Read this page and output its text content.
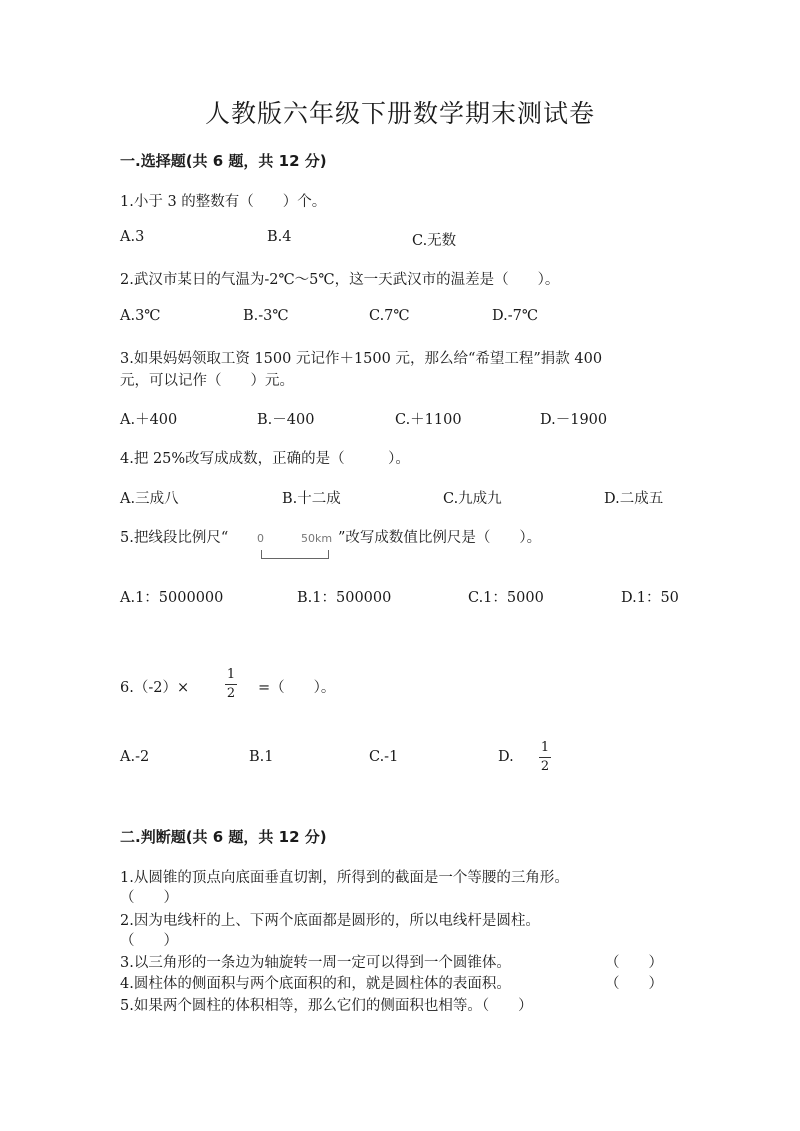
人教版六年级下册数学期末测试卷
一.选择题(共 6 题，共 12 分)
1.小于 3 的整数有（　　）个。
A.3	B.4	C.无数
2.武汉市某日的气温为-2℃～5℃，这一天武汉市的温差是（　　）。
A.3℃	B.-3℃	C.7℃	D.-7℃
3.如果妈妈领取工资 1500 元记作＋1500 元，那么给“希望工程”捐款 400
元，可以记作（　　）元。
A.＋400	B.－400	C.＋1100	D.－1900
4.把 25%改写成成数，正确的是（　　　）。
A.三成八	B.十二成	C.九成九	D.二成五
5.把线段比例尺“	0	50km ”改写成数值比例尺是（　　）。
A.1：5000000	B.1：500000	C.1：5000	D.1：50
6.（-2）×
1
2 =（　　）。
A.-2	B.1	C.-1	D.
1
2
二.判断题(共 6 题，共 12 分)
1.从圆锥的顶点向底面垂直切割，所得到的截面是一个等腰的三角形。
（　　）
2.因为电线杆的上、下两个底面都是圆形的，所以电线杆是圆柱。
（　　）
3.以三角形的一条边为轴旋转一周一定可以得到一个圆锥体。	（　　）
4.圆柱体的侧面积与两个底面积的和，就是圆柱体的表面积。	（　　）
5.如果两个圆柱的体积相等，那么它们的侧面积也相等。（　　）
